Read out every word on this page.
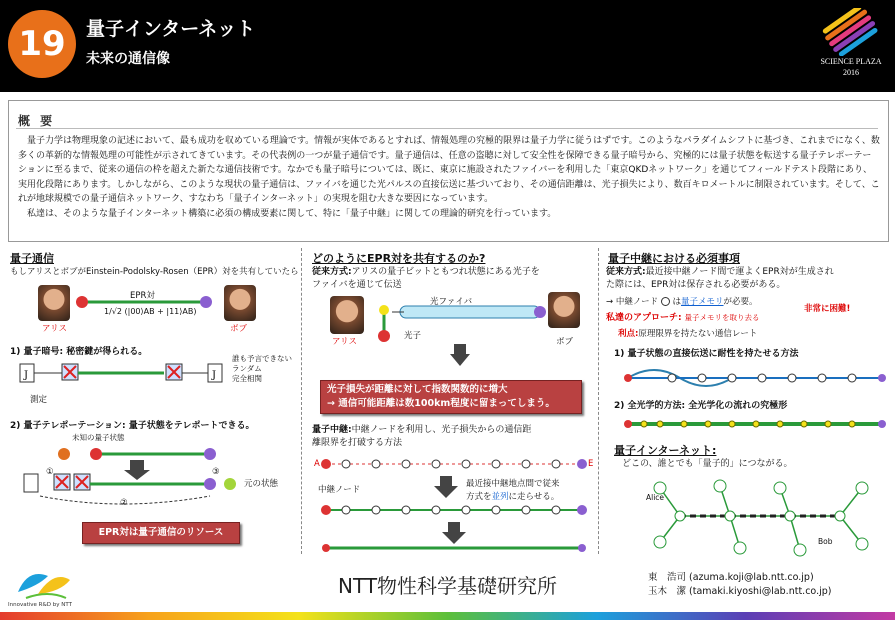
19	量子インターネット
未来の通信像	SCIENCE PLAZA
2016
概 要
量子力学は物理現象の記述において、最も成功を収めている理論です。情報が実体であるとすれば、情報処理の究極的限界は量子力学に従うはずです。このようなパラダイムシフトに基づき、これまでになく、数多くの革新的な情報処理の可能性が示されてきています。その代表例の一つが量子通信です。量子通信は、任意の盗聴に対して安全性を保障できる量子暗号から、究極的には量子状態を転送する量子テレポーテーションに至るまで、従来の通信の枠を超えた新たな通信技術です。なかでも量子暗号については、既に、東京に施設されたファイバーを利用した「東京QKDネットワーク」を通じてフィールドテスト段階にあり、実用化段階にあります。しかしながら、このような現状の量子通信は、ファイバを通じた光パルスの直接伝送に基づいており、その通信距離は、光子損失により、数百キロメートルに制限されています。そして、これが地球規模での量子通信ネットワーク、すなわち「量子インターネット」の実現を阻む大きな要因になっています。
私達は、そのような量子インターネット構築に必須の構成要素に関して、特に「量子中継」に関しての理論的研究を行っています。
量子通信
もしアリスとボブがEinstein-Podolsky-Rosen（EPR）対を共有していたら
アリス	ボブ
EPR対
1/√2 (|00⟩AB + |11⟩AB)
1) 量子暗号: 秘密鍵が得られる。
J	J
誰も予言できない
ランダム
完全相関
測定
2) 量子テレポーテーション: 量子状態をテレポートできる。
未知の量子状態
①
②
③
元の状態
EPR対は量子通信のリソース
どのようにEPR対を共有するのか?
従来方式:アリスの量子ビットともつれ状態にある光子を
ファイバを通じて伝送
光ファイバ
光子
アリス	ボブ
光子損失が距離に対して指数関数的に増大
→ 通信可能距離は数100km程度に留まってしまう。
量子中継:中継ノードを利用し、光子損失からの通信距
離限界を打破する方法
A	E
中継ノード
最近接中継地点間で従来
方式を並列に走らせる。
量子中継における必須事項
従来方式:最近接中継ノード間で運よくEPR対が生成され
た際には、EPR対は保存される必要がある。
→ 中継ノード は量子メモリが必要。
非常に困難!
私達のアプローチ: 量子メモリを取り去る
利点:原理限界を持たない通信レート
1) 量子状態の直接伝送に耐性を持たせる方法
2) 全光学的方法: 全光学化の流れの究極形
量子インターネット:
どこの、誰とでも「量子的」につながる。
Alice
Bob
Innovative R&D by NTT
NTT物性科学基礎研究所	東　浩司 (azuma.koji@lab.ntt.co.jp)
玉木　潔 (tamaki.kiyoshi@lab.ntt.co.jp)
